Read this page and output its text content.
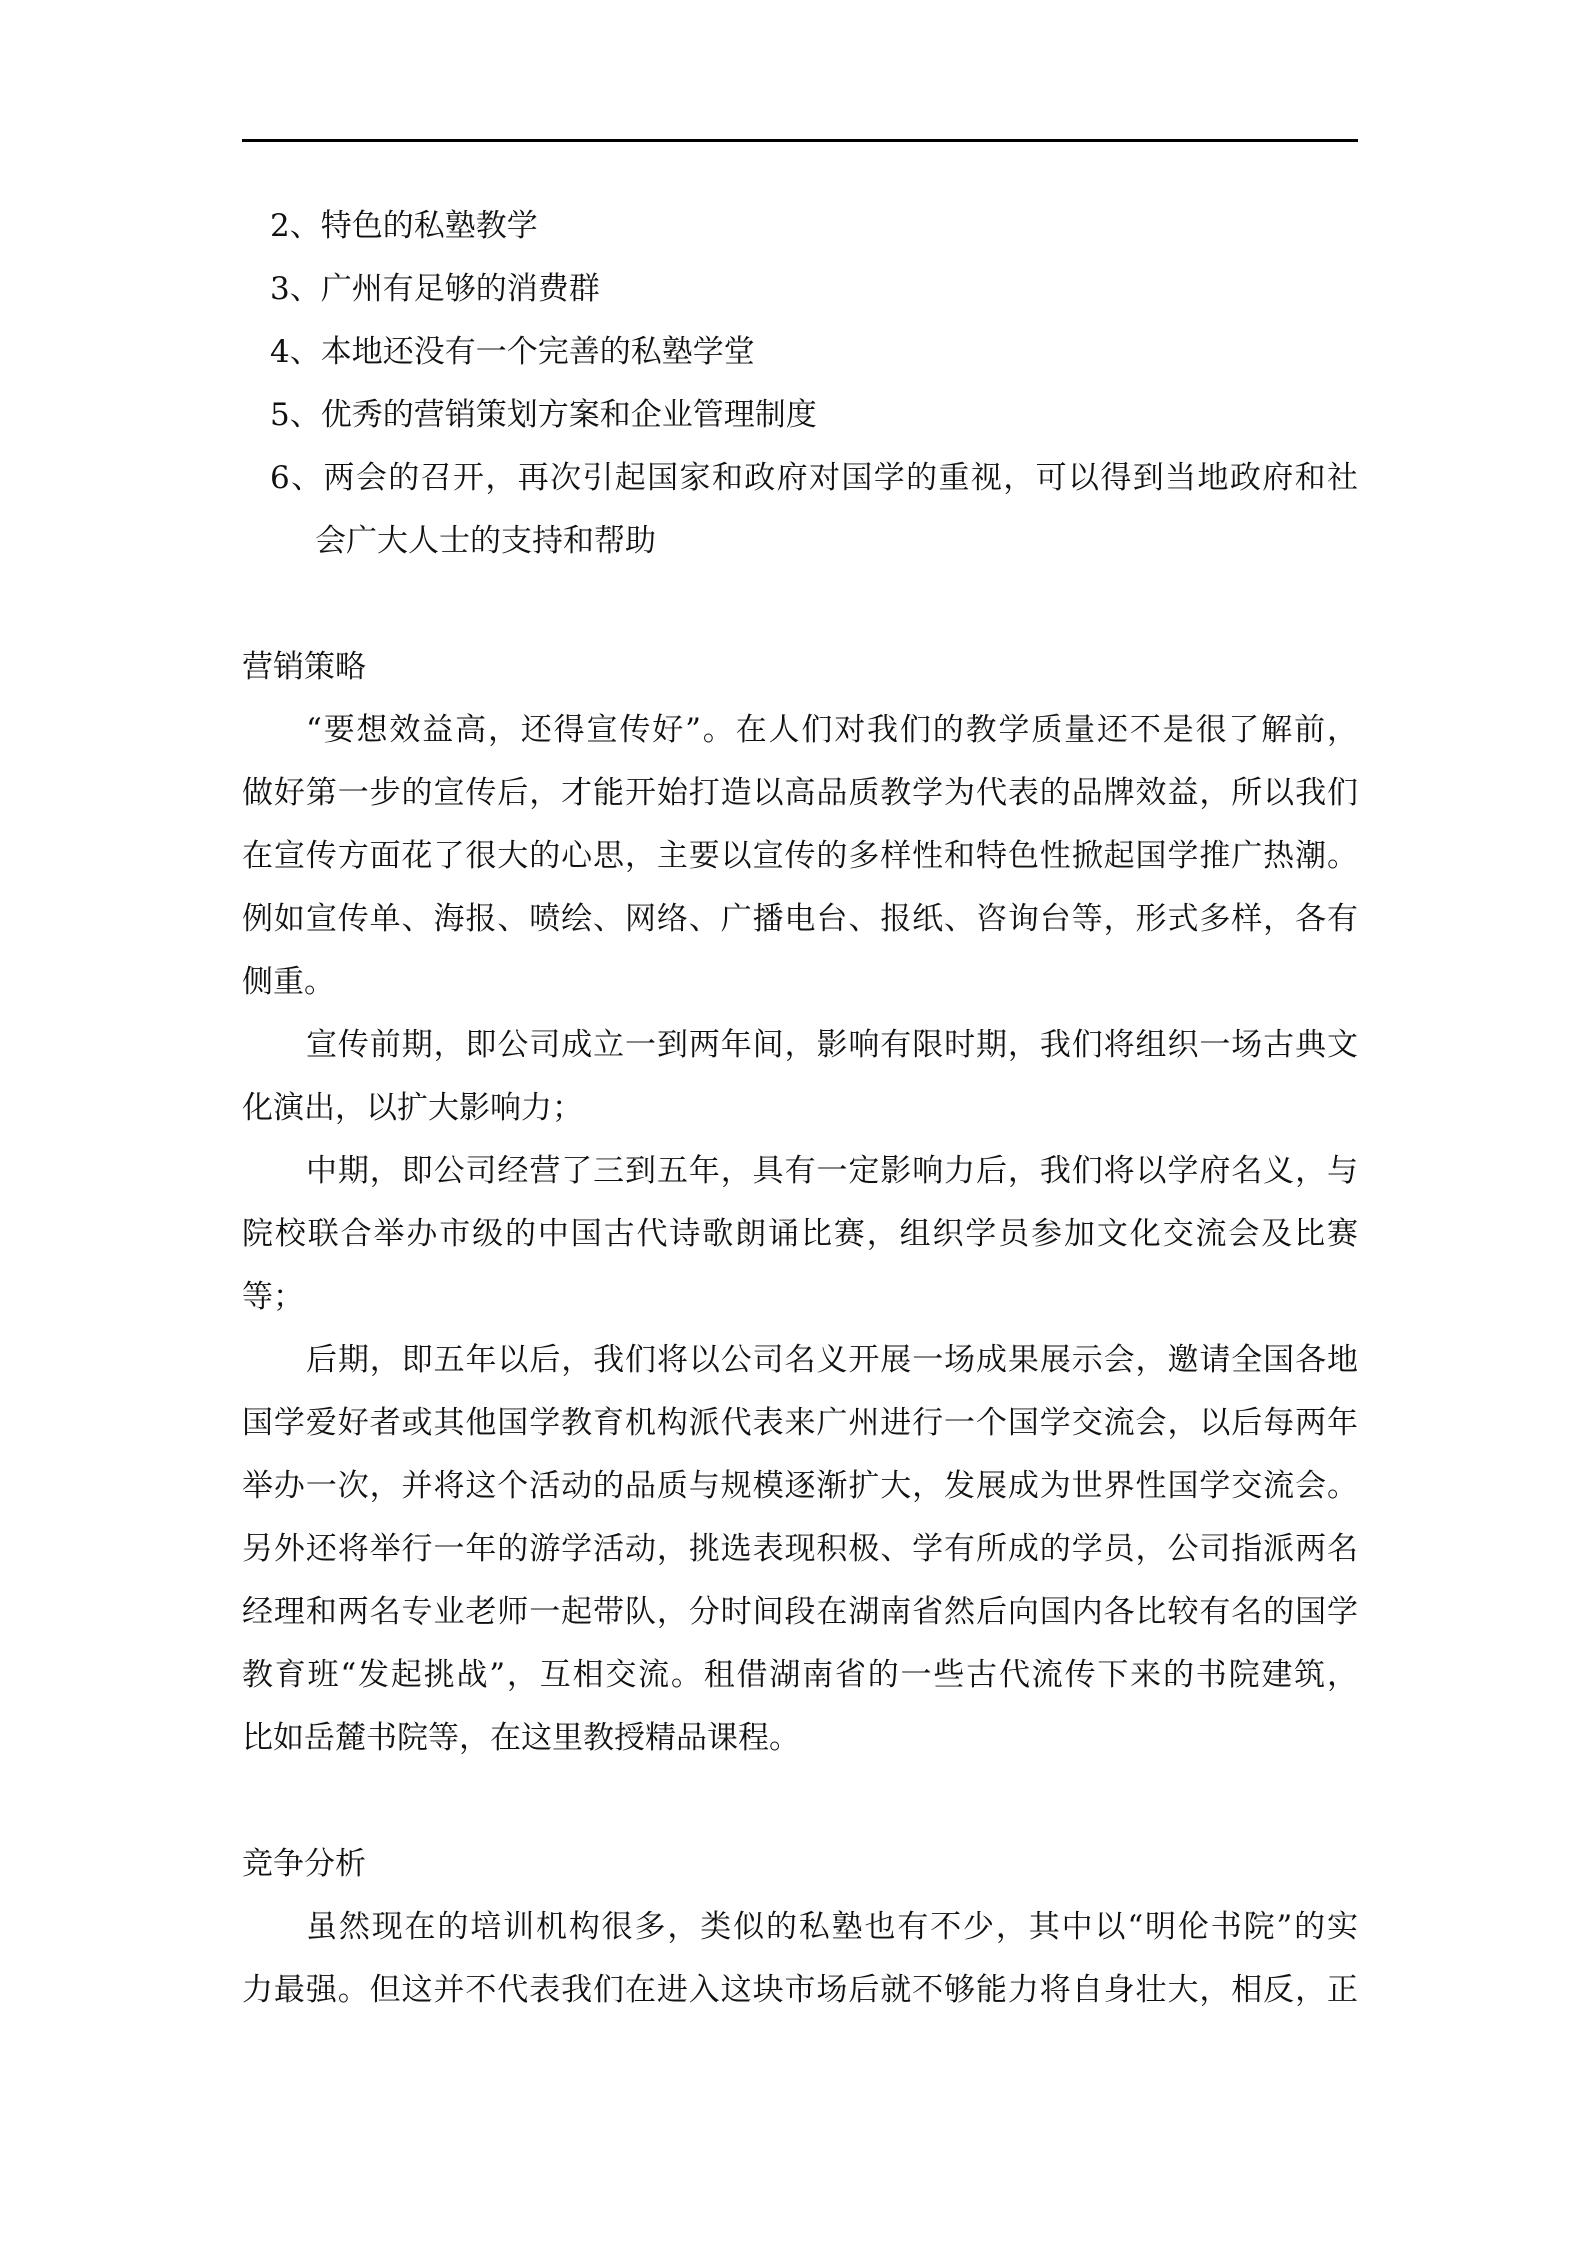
2、特色的私塾教学
3、广州有足够的消费群
4、本地还没有一个完善的私塾学堂
5、优秀的营销策划方案和企业管理制度
6、两会的召开，再次引起国家和政府对国学的重视，可以得到当地政府和社
会广大人士的支持和帮助
营销策略
“要想效益高，还得宣传好”。在人们对我们的教学质量还不是很了解前，
做好第一步的宣传后，才能开始打造以高品质教学为代表的品牌效益，所以我们
在宣传方面花了很大的心思，主要以宣传的多样性和特色性掀起国学推广热潮。
例如宣传单、海报、喷绘、网络、广播电台、报纸、咨询台等，形式多样，各有
侧重。
宣传前期，即公司成立一到两年间，影响有限时期，我们将组织一场古典文
化演出，以扩大影响力；
中期，即公司经营了三到五年，具有一定影响力后，我们将以学府名义，与
院校联合举办市级的中国古代诗歌朗诵比赛，组织学员参加文化交流会及比赛
等；
后期，即五年以后，我们将以公司名义开展一场成果展示会，邀请全国各地
国学爱好者或其他国学教育机构派代表来广州进行一个国学交流会，以后每两年
举办一次，并将这个活动的品质与规模逐渐扩大，发展成为世界性国学交流会。
另外还将举行一年的游学活动，挑选表现积极、学有所成的学员，公司指派两名
经理和两名专业老师一起带队，分时间段在湖南省然后向国内各比较有名的国学
教育班“发起挑战”，互相交流。租借湖南省的一些古代流传下来的书院建筑，
比如岳麓书院等，在这里教授精品课程。
竞争分析
虽然现在的培训机构很多，类似的私塾也有不少，其中以“明伦书院”的实
力最强。但这并不代表我们在进入这块市场后就不够能力将自身壮大，相反，正
